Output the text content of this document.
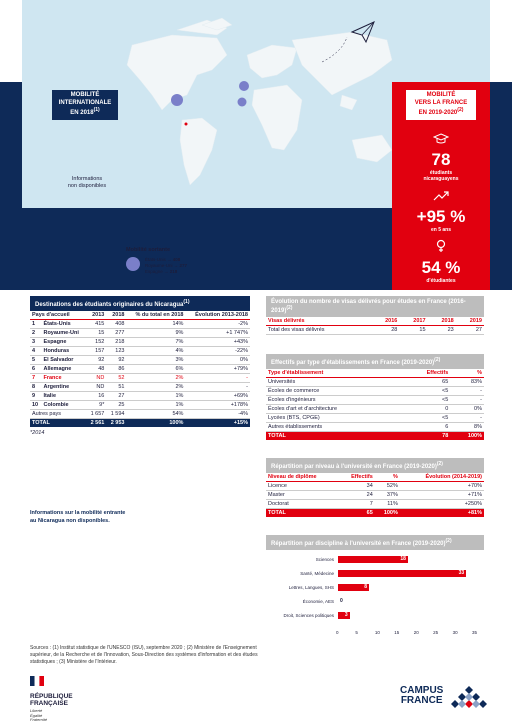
MOBILITÉ
INTERNATIONALE
EN 2018$^{(1)}$
Informations
non disponibles
Mobilité sortante
États-Unis → 408
Royaume-Uni → 277
Espagne → 218
MOBILITÉ
VERS LA FRANCE
EN 2019-2020$^{(2)}$
78
étudiants
nicaraguayens
+95 %
en 5 ans
54 %
d'étudiantes
Destinations des étudiants originaires du Nicaragua$^{(1)}$
Pays d'accueil		2013	2018	% du total en 2018	Évolution 2013-2018
1	États-Unis	415	408	14%	-2%
2	Royaume-Uni	15	277	9%	+1 747%
3	Espagne	152	218	7%	+43%
4	Honduras	157	123	4%	-22%
5	El Salvador	92	92	3%	0%
6	Allemagne	48	86	6%	+79%
7	France	ND	52	2%	-
8	Argentine	ND	51	2%	-
9	Italie	16	27	1%	+69%
10	Colombie	9*	25	1%	+178%
Autres pays		1 657	1 594	54%	-4%
TOTAL		2 561	2 953	100%	+15%
*2014
Informations sur la mobilité entrante
au Nicaragua non disponibles.
Évolution du nombre de visas délivrés pour études en France (2016-2019)$^{(2)}$
Visas délivrés	2016	2017	2018	2019
Total des visas délivrés	28	15	23	27
Effectifs par type d'établissements en France (2019-2020)$^{(2)}$
Type d'établissement	Effectifs	%
Universités	65	83%
Écoles de commerce	<5	-
Écoles d'ingénieurs	<5	-
Écoles d'art et d'architecture	0	0%
Lycées (BTS, CPGE)	<5	-
Autres établissements	6	8%
TOTAL	78	100%
Répartition par niveau à l'université en France (2019-2020)$^{(2)}$
Niveau de diplôme	Effectifs	%	Évolution (2014-2019)
Licence	34	52%	+70%
Master	24	37%	+71%
Doctorat	7	11%	+250%
TOTAL	65	100%	+81%
Répartition par discipline à l'université en France (2019-2020)$^{(2)}$
Sciences	18
Santé, Médecine	33
Lettres, Langues, SHS	8
Économie, AES 0
Droit, Sciences politiques 3
0	5	10	15	20	25	30	35
Sources : (1) Institut statistique de l'UNESCO (ISU), septembre 2020 ; (2) Ministère de l'Enseignement supérieur, de la Recherche et de l'Innovation, Sous-Direction des systèmes d'information et des études statistiques ; (3) Ministère de l'Intérieur.
RÉPUBLIQUE
FRANÇAISE
Liberté
Égalité
Fraternité
CAMPUS
FRANCE
